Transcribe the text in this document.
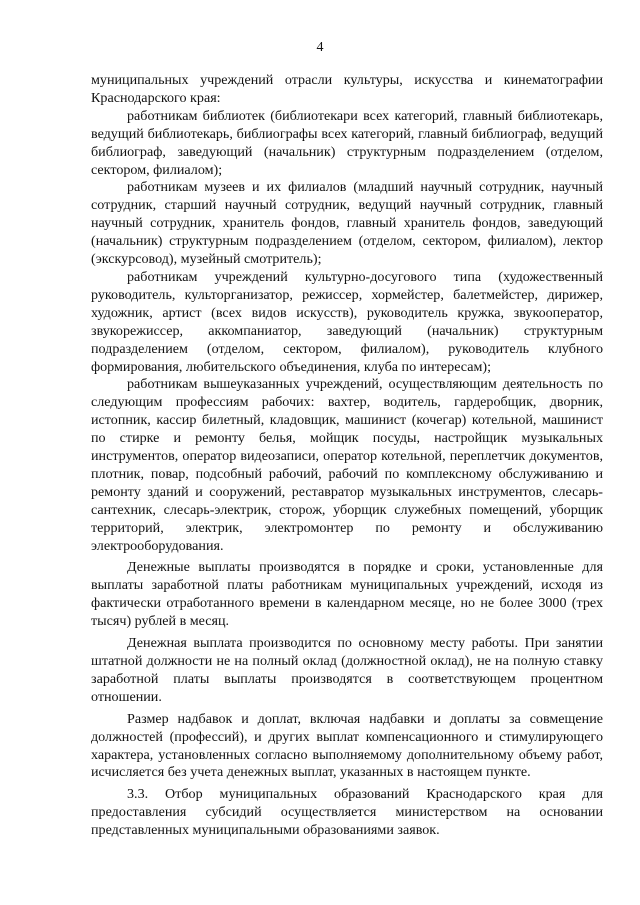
4

муниципальных учреждений отрасли культуры, искусства и кинематографии Краснодарского края:

работникам библиотек (библиотекари всех категорий, главный библиотекарь, ведущий библиотекарь, библиографы всех категорий, главный библиограф, ведущий библиограф, заведующий (начальник) структурным подразделением (отделом, сектором, филиалом);

работникам музеев и их филиалов (младший научный сотрудник, научный сотрудник, старший научный сотрудник, ведущий научный сотрудник, главный научный сотрудник, хранитель фондов, главный хранитель фондов, заведующий (начальник) структурным подразделением (отделом, сектором, филиалом), лектор (экскурсовод), музейный смотритель);

работникам учреждений культурно-досугового типа (художественный руководитель, культорганизатор, режиссер, хормейстер, балетмейстер, дирижер, художник, артист (всех видов искусств), руководитель кружка, звукооператор, звукорежиссер, аккомпаниатор, заведующий (начальник) структурным подразделением (отделом, сектором, филиалом), руководитель клубного формирования, любительского объединения, клуба по интересам);

работникам вышеуказанных учреждений, осуществляющим деятельность по следующим профессиям рабочих: вахтер, водитель, гардеробщик, дворник, истопник, кассир билетный, кладовщик, машинист (кочегар) котельной, машинист по стирке и ремонту белья, мойщик посуды, настройщик музыкальных инструментов, оператор видеозаписи, оператор котельной, переплетчик документов, плотник, повар, подсобный рабочий, рабочий по комплексному обслуживанию и ремонту зданий и сооружений, реставратор музыкальных инструментов, слесарь-сантехник, слесарь-электрик, сторож, уборщик служебных помещений, уборщик территорий, электрик, электромонтер по ремонту и обслуживанию электрооборудования.

Денежные выплаты производятся в порядке и сроки, установленные для выплаты заработной платы работникам муниципальных учреждений, исходя из фактически отработанного времени в календарном месяце, но не более 3000 (трех тысяч) рублей в месяц.

Денежная выплата производится по основному месту работы. При занятии штатной должности не на полный оклад (должностной оклад), не на полную ставку заработной платы выплаты производятся в соответствующем процентном отношении.

Размер надбавок и доплат, включая надбавки и доплаты за совмещение должностей (профессий), и других выплат компенсационного и стимулирующего характера, установленных согласно выполняемому дополнительному объему работ, исчисляется без учета денежных выплат, указанных в настоящем пункте.

3.3. Отбор муниципальных образований Краснодарского края для предоставления субсидий осуществляется министерством на основании представленных муниципальными образованиями заявок.
